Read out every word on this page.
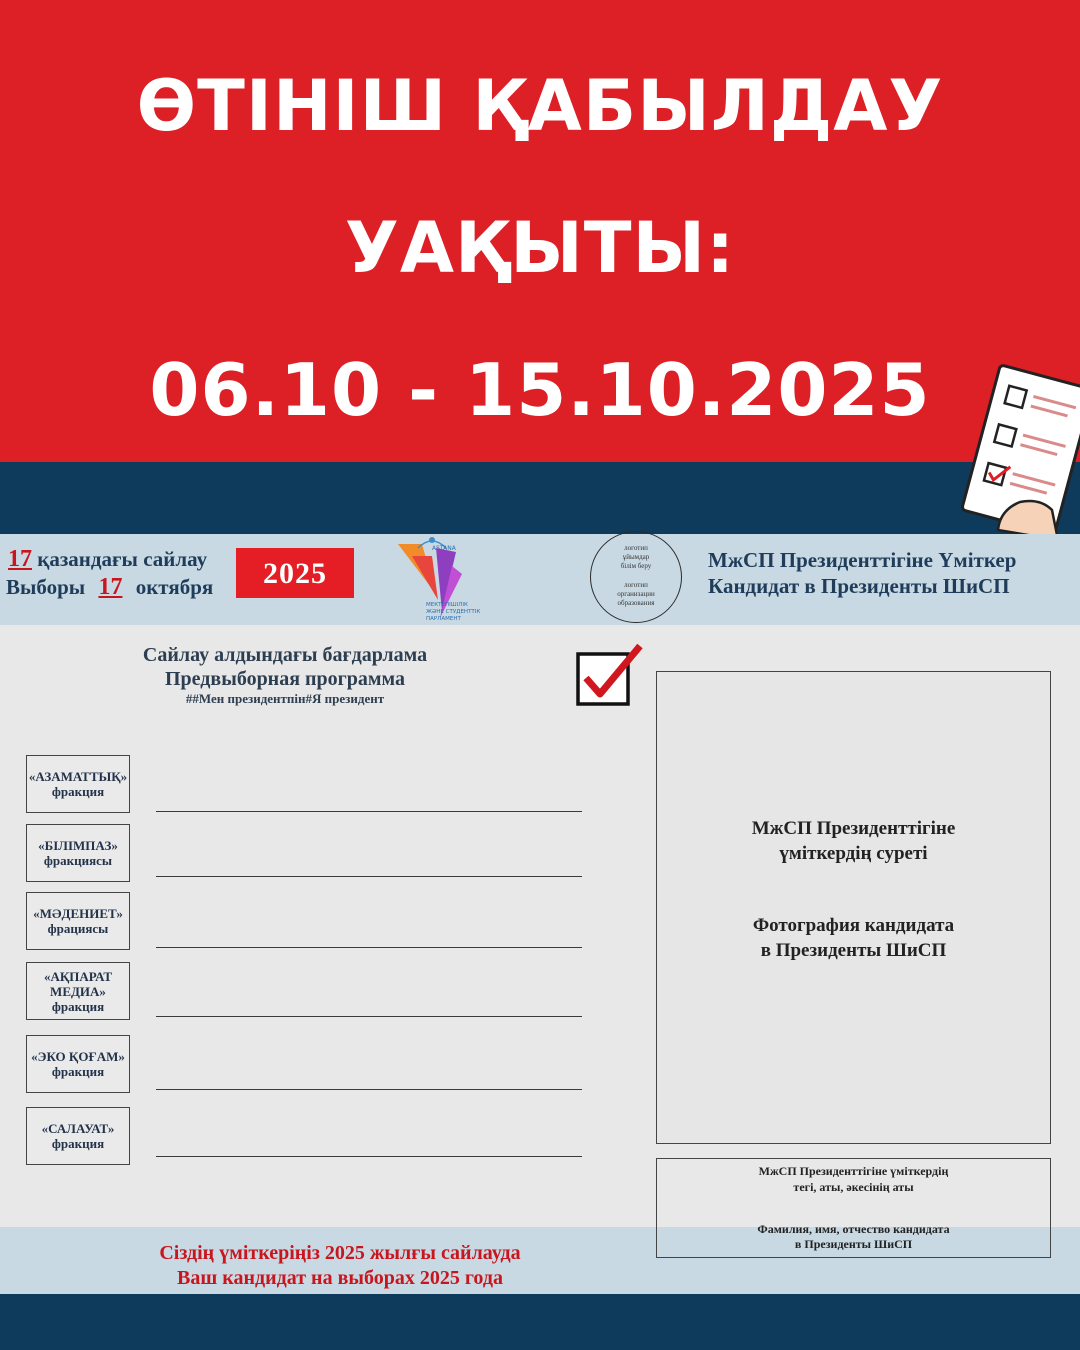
ӨТІНІШ ҚАБЫЛДАУ
УАҚЫТЫ:
06.10 - 15.10.2025
17 қазандағы сайлау
Выборы 17 октября	2025
ASTANA
МЕКТЕПІШІЛІК
ЖӘНЕ СТУДЕНТТІК
ПАРЛАМЕНТ
логотип
ұйымдар
білім беру
логотип
организации
образования
МжСП Президенттігіне Үміткер
Кандидат в Президенты ШиСП
Сайлау алдындағы бағдарлама
Предвыборная программа
##Мен президентпін#Я президент
«АЗАМАТТЫҚ»
фракция
«БІЛІМПАЗ»
фракциясы
«МӘДЕНИЕТ»
фрациясы
«АҚПАРАТ
МЕДИА»
фракция
«ЭКО ҚОҒАМ»
фракция
«САЛАУАТ»
фракция
МжСП Президенттігіне
үміткердің суреті
Фотография кандидата
в Президенты ШиСП
Сіздің үміткеріңіз 2025 жылғы сайлауда
Ваш кандидат на выборах 2025 года
МжСП Президенттігіне үміткердің
тегі, аты, әкесінің аты
Фамилия, имя, отчество кандидата
в Президенты ШиСП
